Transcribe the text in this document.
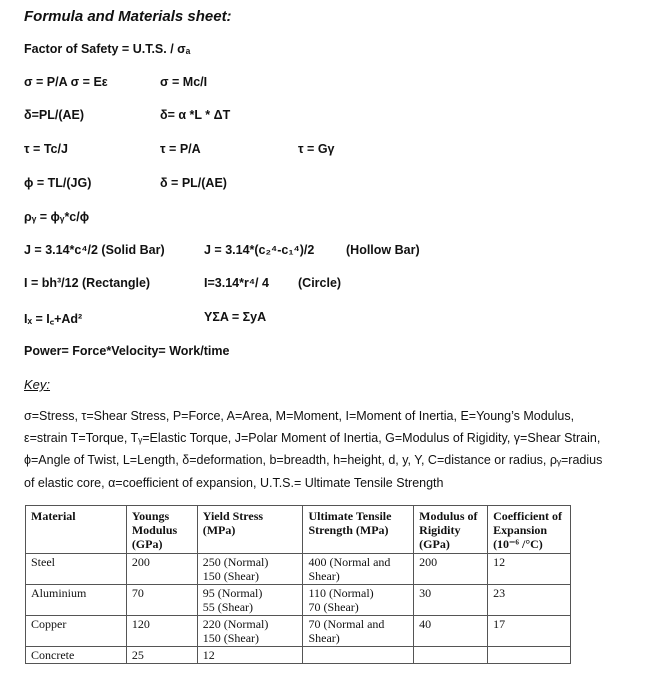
Formula and Materials sheet:
Factor of Safety = U.T.S. / σₐ
σ = P/A σ = Eε	σ = Mc/I
δ=PL/(AE)	δ= α *L * ΔT
τ = Tc/J	τ = P/A	τ = Gγ
ϕ = TL/(JG)	δ = PL/(AE)
ρᵧ = ϕᵧ*c/ϕ
J = 3.14*c⁴/2 (Solid Bar)	J = 3.14*(c₂⁴-c₁⁴)/2	(Hollow Bar)
I = bh³/12 (Rectangle)	I=3.14*r⁴/ 4 (Circle)
Iₓ = I꜀+Ad²	YΣA = ΣyA
Power= Force*Velocity= Work/time
Key:
σ=Stress, τ=Shear Stress, P=Force, A=Area, M=Moment, I=Moment of Inertia, E=Young’s Modulus,
ε=strain T=Torque, Tᵧ=Elastic Torque, J=Polar Moment of Inertia, G=Modulus of Rigidity, γ=Shear Strain,
ϕ=Angle of Twist, L=Length, δ=deformation, b=breadth, h=height, d, y, Y, C=distance or radius, ρᵧ=radius
of elastic core, α=coefficient of expansion, U.T.S.= Ultimate Tensile Strength
Material	Youngs Modulus (GPa)	Yield Stress (MPa)	Ultimate Tensile Strength (MPa)	Modulus of Rigidity (GPa)	Coefficient of Expansion (10⁻⁶ /°C)
Steel	200	250 (Normal)
150 (Shear)	400 (Normal and
Shear)	200	12
Aluminium	70	95 (Normal)
55 (Shear)	110 (Normal)
70 (Shear)	30	23
Copper	120	220 (Normal)
150 (Shear)	70 (Normal and
Shear)	40	17
Concrete	25	12			
